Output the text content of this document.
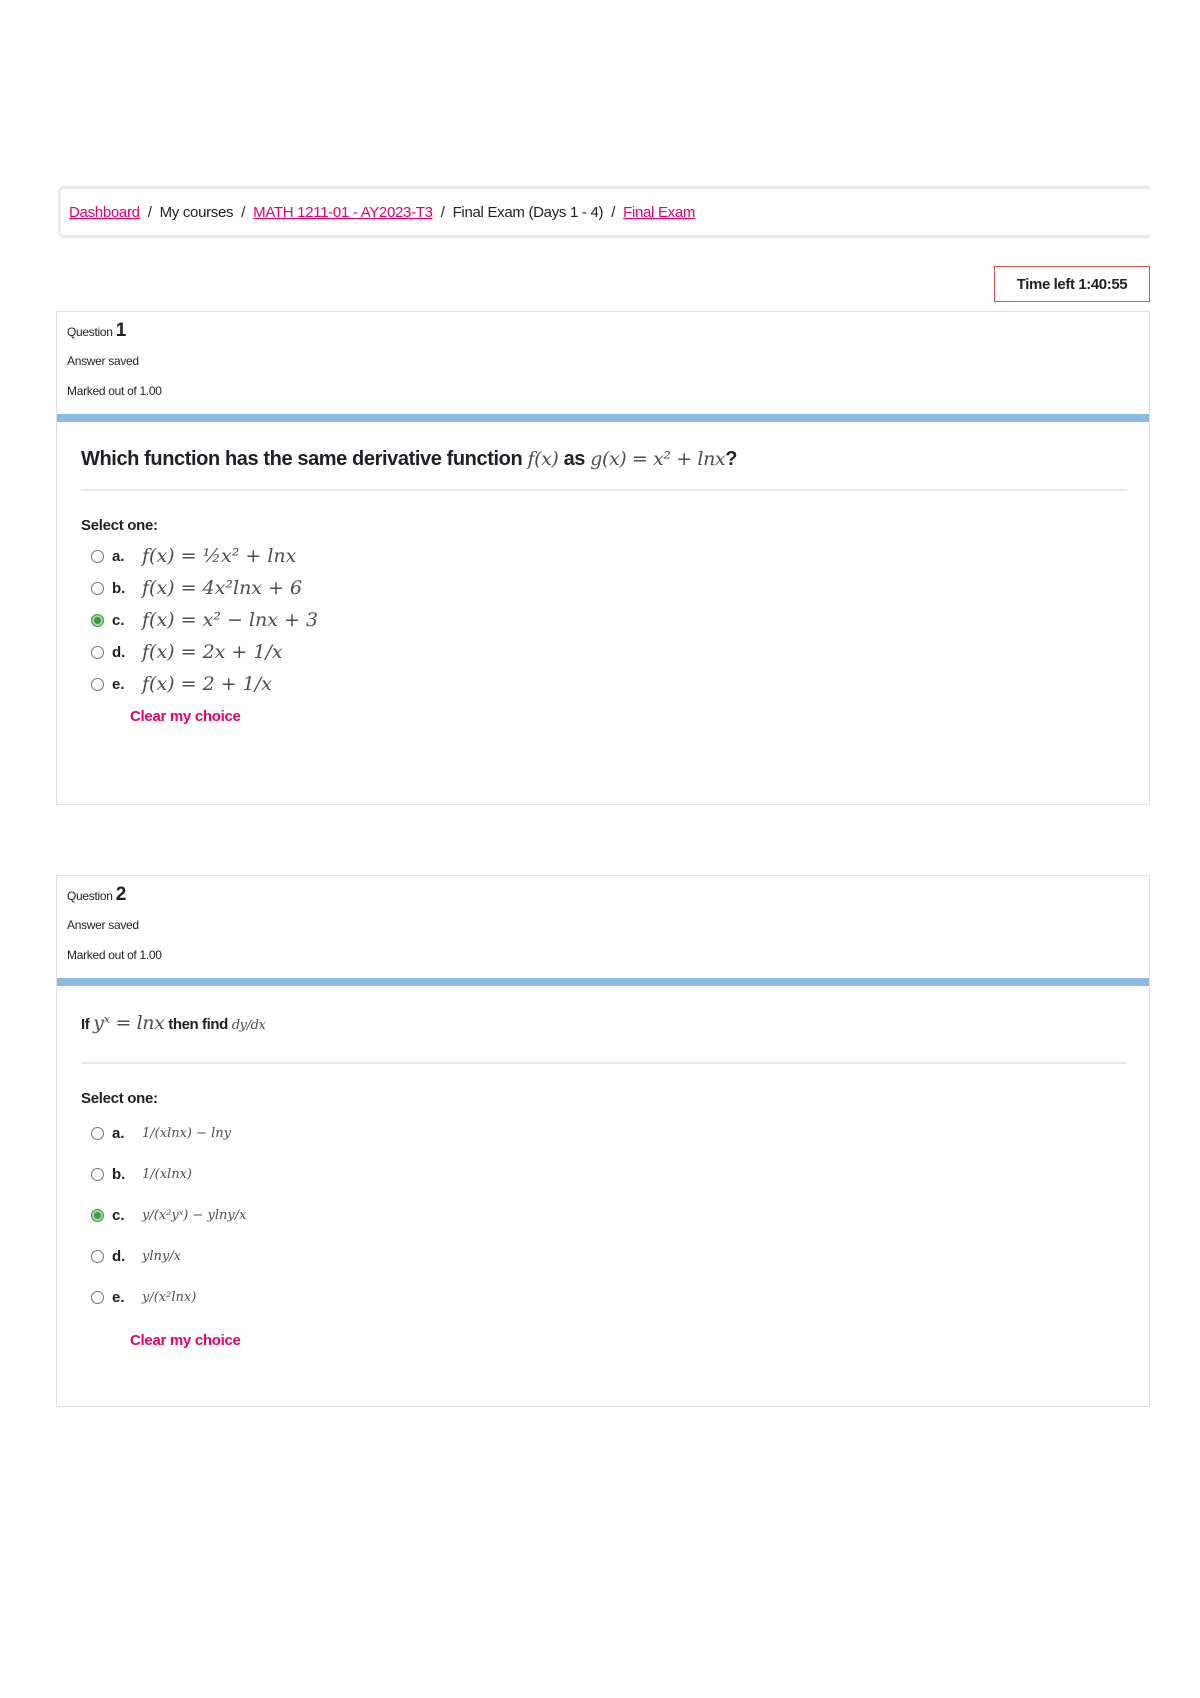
Dashboard / My courses / MATH 1211-01 - AY2023-T3 / Final Exam (Days 1 - 4) / Final Exam
Time left 1:40:55
Question 1
Answer saved
Marked out of 1.00
Which function has the same derivative function f(x) as g(x) = x² + lnx?
Select one:
a. f(x) = ½x² + lnx
b. f(x) = 4x²lnx + 6
c. f(x) = x² − lnx + 3
d. f(x) = 2x + 1/x
e. f(x) = 2 + 1/x
Clear my choice
Question 2
Answer saved
Marked out of 1.00
If yˣ = lnx then find dy/dx
Select one:
a.	1/(xlnx) − lny
b.	1/(xlnx)
c.	y/(x²yˣ) − ylny/x
d.	ylny/x
e.	y/(x²lnx)
Clear my choice
